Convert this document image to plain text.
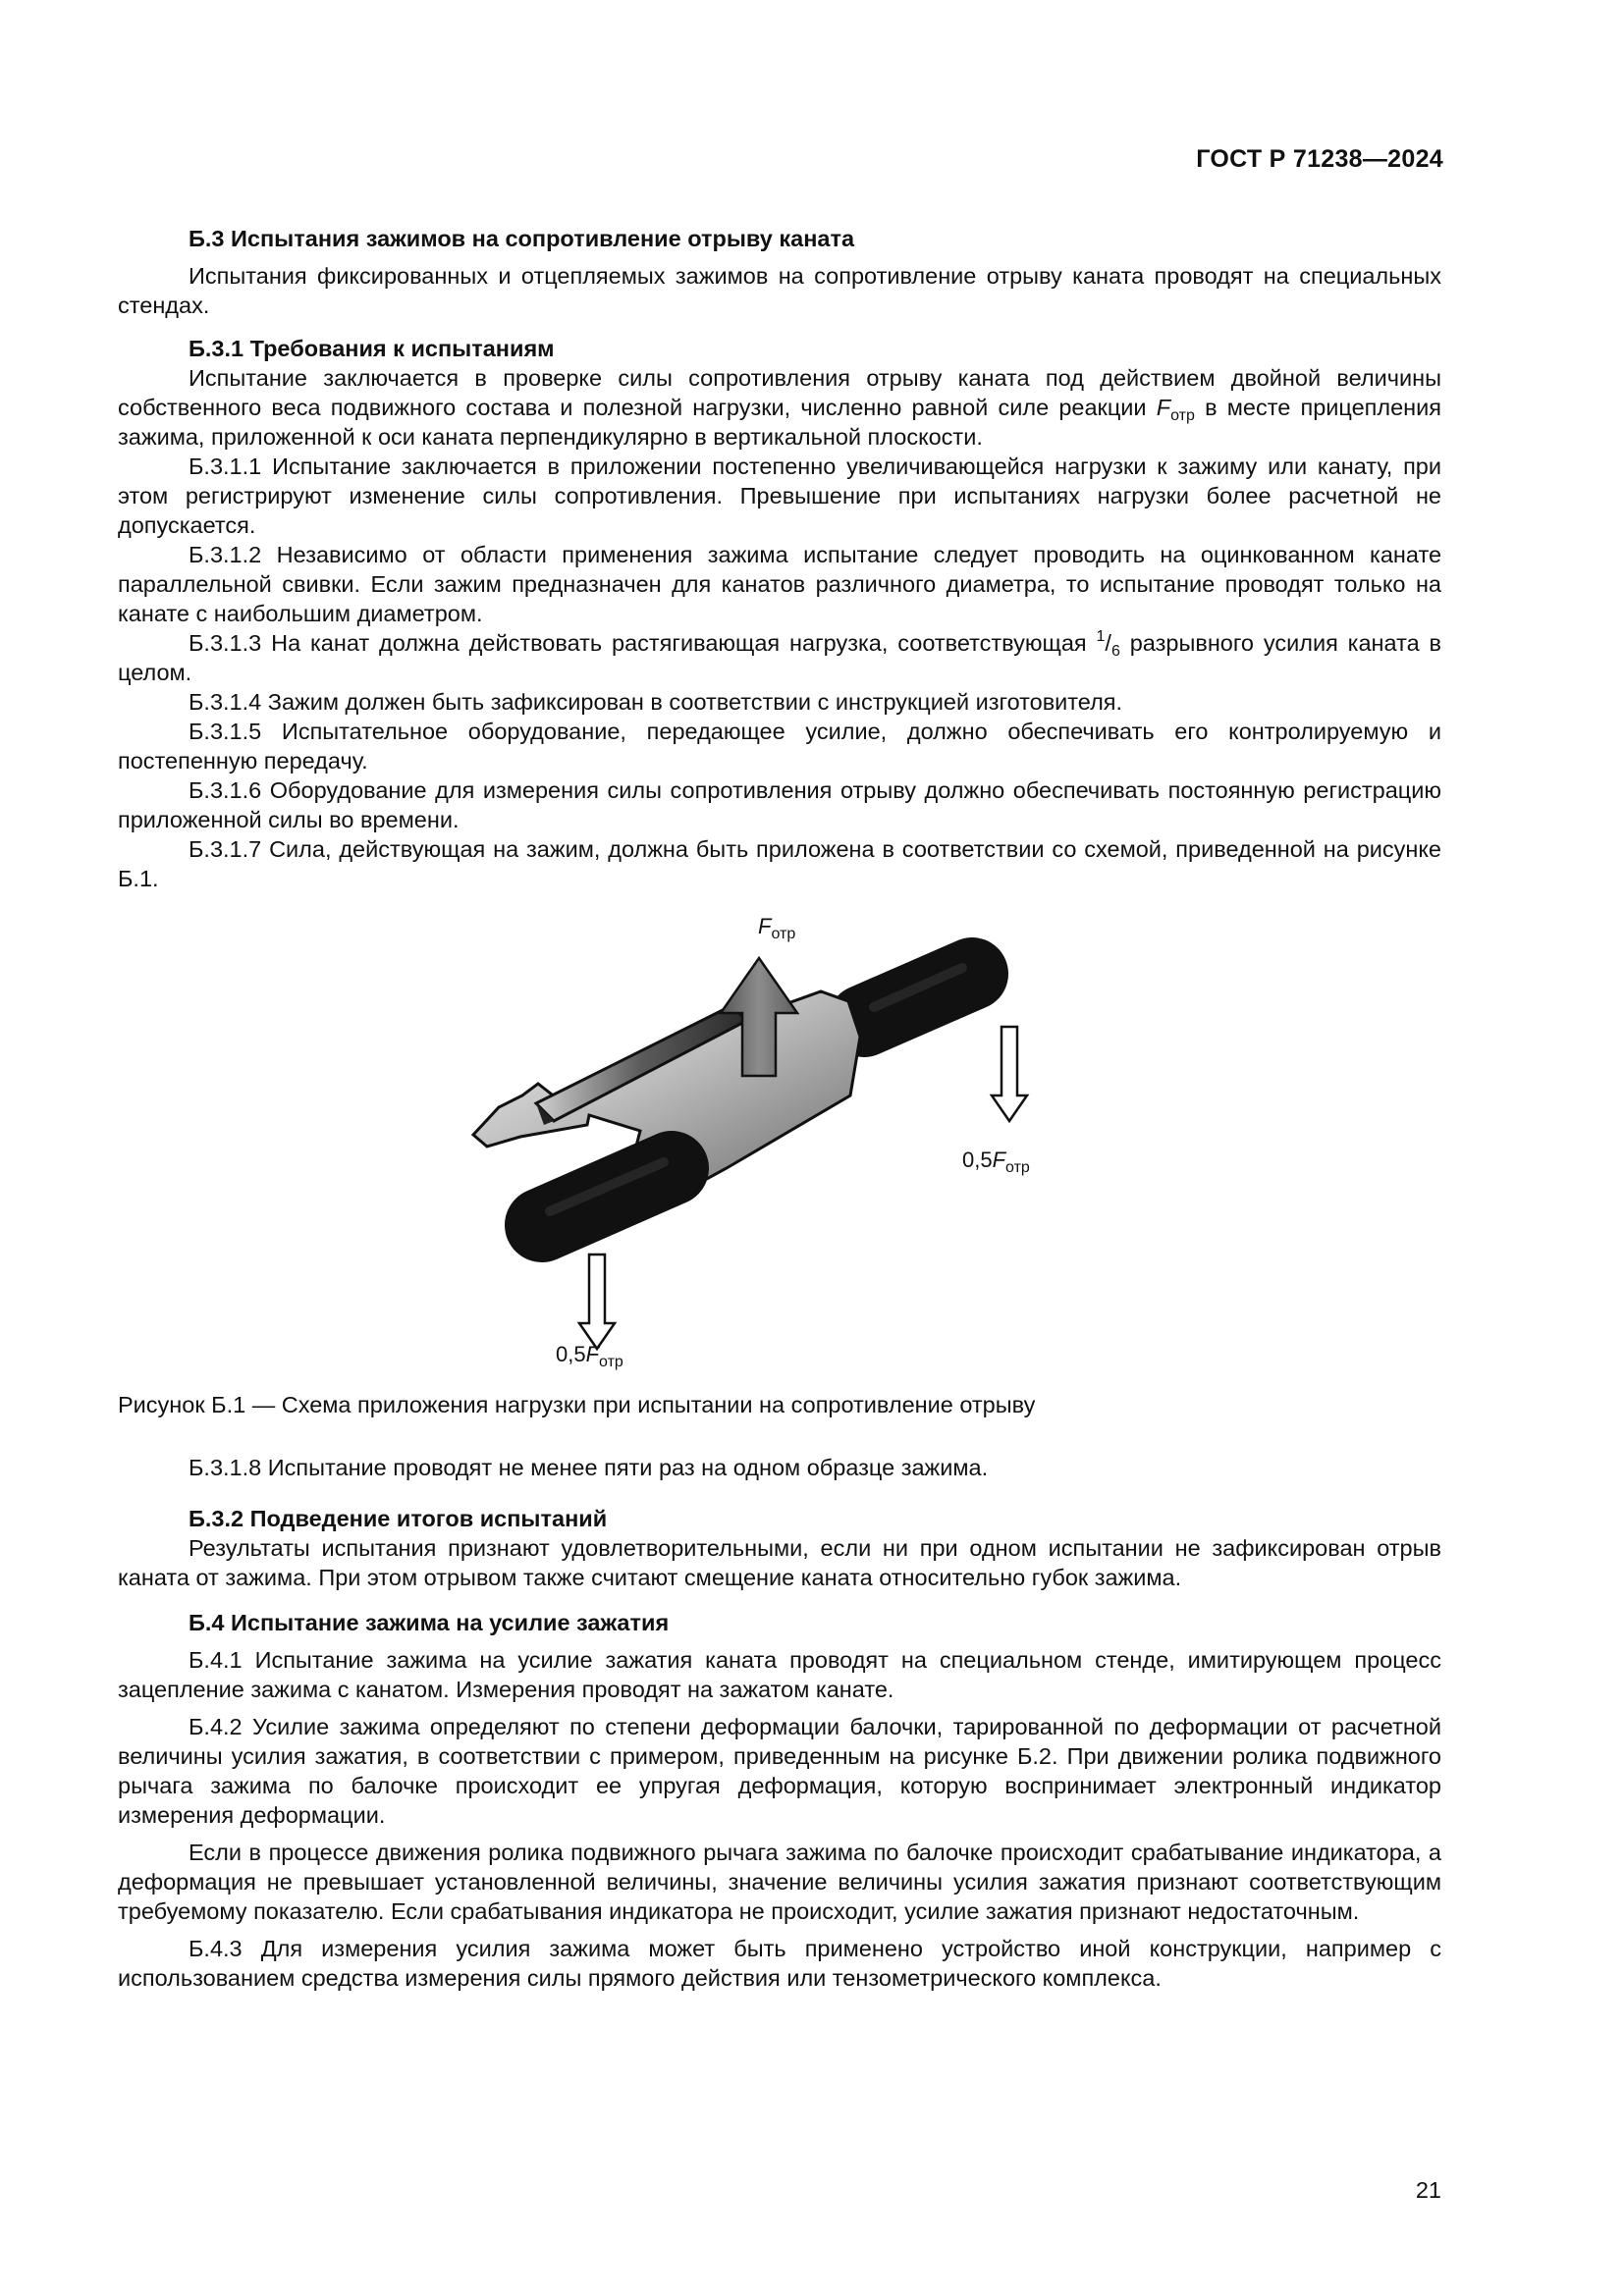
ГОСТ Р 71238—2024

Б.3 Испытания зажимов на сопротивление отрыву каната

Испытания фиксированных и отцепляемых зажимов на сопротивление отрыву каната проводят на специальных стендах.

Б.3.1 Требования к испытаниям

Испытание заключается в проверке силы сопротивления отрыву каната под действием двойной величины собственного веса подвижного состава и полезной нагрузки, численно равной силе реакции $F_{отр}$ в месте прицепления зажима, приложенной к оси каната перпендикулярно в вертикальной плоскости.

Б.3.1.1 Испытание заключается в приложении постепенно увеличивающейся нагрузки к зажиму или канату, при этом регистрируют изменение силы сопротивления. Превышение при испытаниях нагрузки более расчетной не допускается.

Б.3.1.2 Независимо от области применения зажима испытание следует проводить на оцинкованном канате параллельной свивки. Если зажим предназначен для канатов различного диаметра, то испытание проводят только на канате с наибольшим диаметром.

Б.3.1.3 На канат должна действовать растягивающая нагрузка, соответствующая $^1/_6$ разрывного усилия каната в целом.

Б.3.1.4 Зажим должен быть зафиксирован в соответствии с инструкцией изготовителя.

Б.3.1.5 Испытательное оборудование, передающее усилие, должно обеспечивать его контролируемую и постепенную передачу.

Б.3.1.6 Оборудование для измерения силы сопротивления отрыву должно обеспечивать постоянную регистрацию приложенной силы во времени.

Б.3.1.7 Сила, действующая на зажим, должна быть приложена в соответствии со схемой, приведенной на рисунке Б.1.

$F_{отр}$
$0,5F_{отр}$
$0,5F_{отр}$

Рисунок Б.1 — Схема приложения нагрузки при испытании на сопротивление отрыву

Б.3.1.8 Испытание проводят не менее пяти раз на одном образце зажима.

Б.3.2 Подведение итогов испытаний

Результаты испытания признают удовлетворительными, если ни при одном испытании не зафиксирован отрыв каната от зажима. При этом отрывом также считают смещение каната относительно губок зажима.

Б.4 Испытание зажима на усилие зажатия

Б.4.1 Испытание зажима на усилие зажатия каната проводят на специальном стенде, имитирующем процесс зацепление зажима с канатом. Измерения проводят на зажатом канате.

Б.4.2 Усилие зажима определяют по степени деформации балочки, тарированной по деформации от расчетной величины усилия зажатия, в соответствии с примером, приведенным на рисунке Б.2. При движении ролика подвижного рычага зажима по балочке происходит ее упругая деформация, которую воспринимает электронный индикатор измерения деформации.

Если в процессе движения ролика подвижного рычага зажима по балочке происходит срабатывание индикатора, а деформация не превышает установленной величины, значение величины усилия зажатия признают соответствующим требуемому показателю. Если срабатывания индикатора не происходит, усилие зажатия признают недостаточным.

Б.4.3 Для измерения усилия зажима может быть применено устройство иной конструкции, например с использованием средства измерения силы прямого действия или тензометрического комплекса.

21
